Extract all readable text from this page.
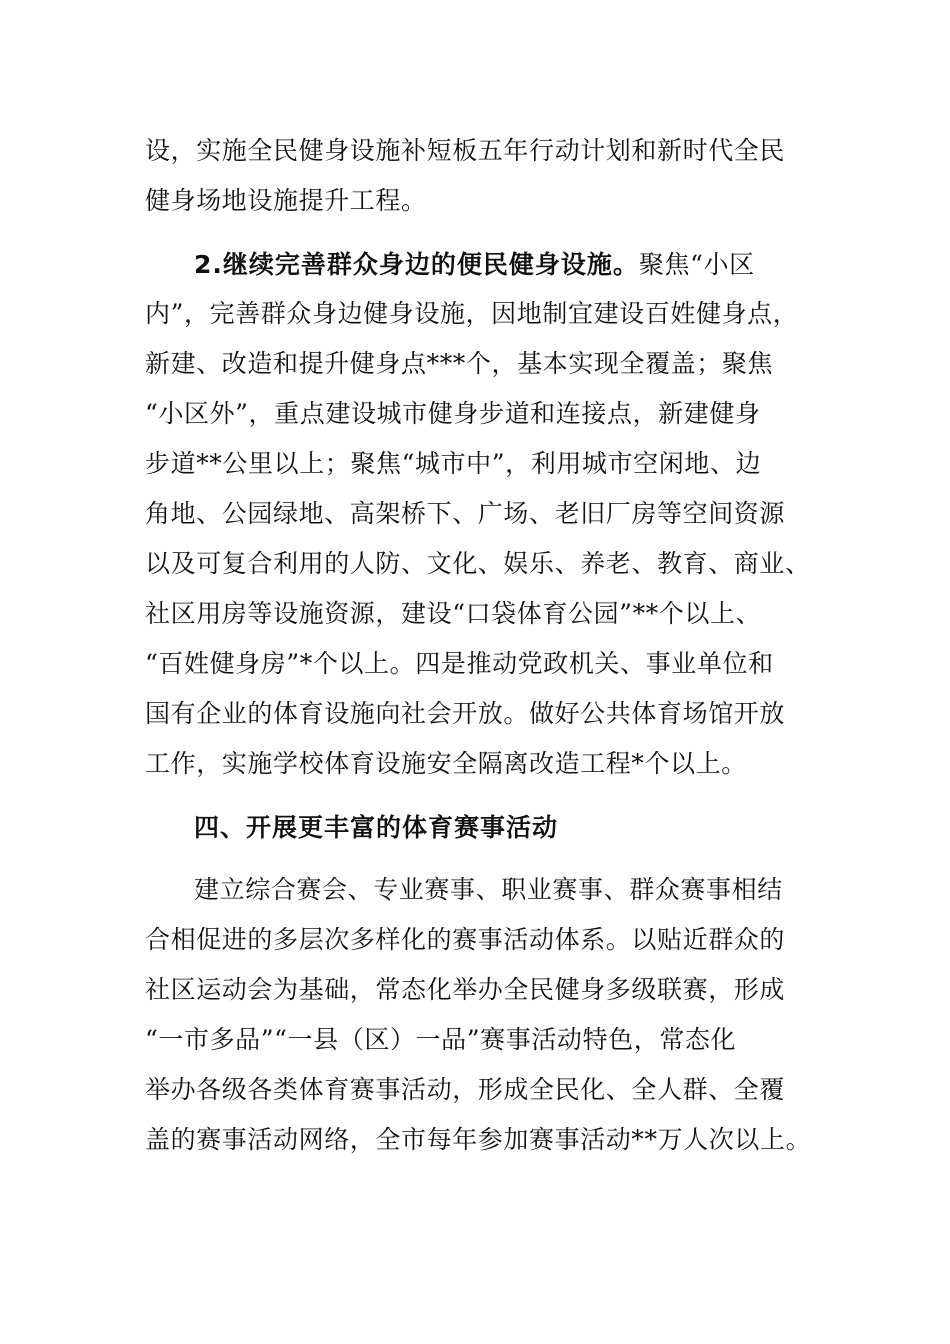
设，实施全民健身设施补短板五年行动计划和新时代全民
健身场地设施提升工程。
2.继续完善群众身边的便民健身设施。聚焦“小区
内”，完善群众身边健身设施，因地制宜建设百姓健身点，
新建、改造和提升健身点***个，基本实现全覆盖；聚焦
“小区外”，重点建设城市健身步道和连接点，新建健身
步道**公里以上；聚焦“城市中”，利用城市空闲地、边
角地、公园绿地、高架桥下、广场、老旧厂房等空间资源
以及可复合利用的人防、文化、娱乐、养老、教育、商业、
社区用房等设施资源，建设“口袋体育公园”**个以上、
“百姓健身房”*个以上。四是推动党政机关、事业单位和
国有企业的体育设施向社会开放。做好公共体育场馆开放
工作，实施学校体育设施安全隔离改造工程*个以上。
四、开展更丰富的体育赛事活动
建立综合赛会、专业赛事、职业赛事、群众赛事相结
合相促进的多层次多样化的赛事活动体系。以贴近群众的
社区运动会为基础，常态化举办全民健身多级联赛，形成
“一市多品”“一县（区）一品”赛事活动特色，常态化
举办各级各类体育赛事活动，形成全民化、全人群、全覆
盖的赛事活动网络，全市每年参加赛事活动**万人次以上。
